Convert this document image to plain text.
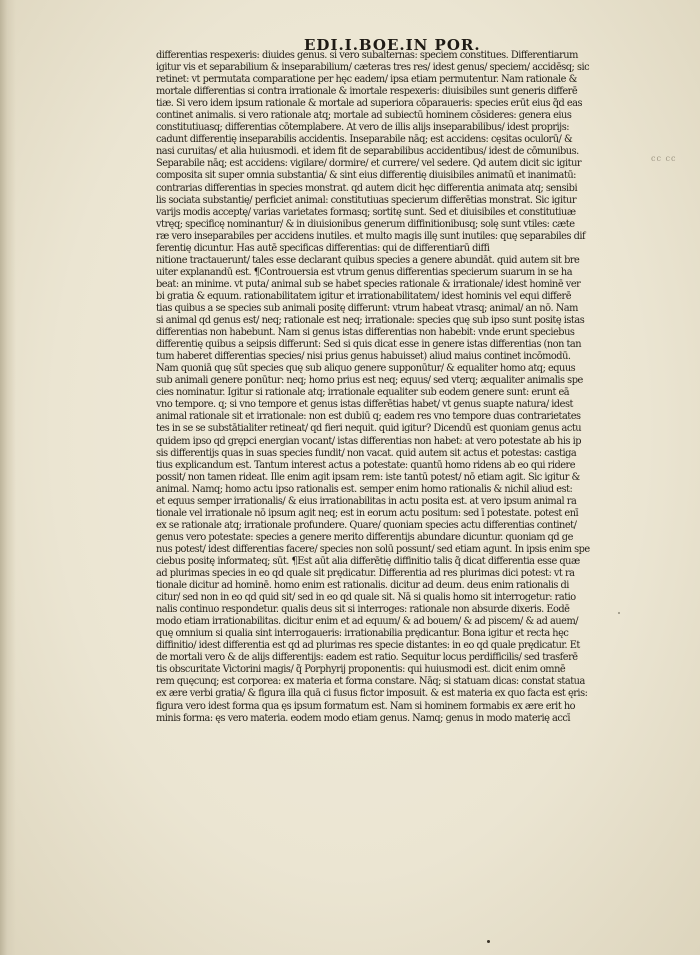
EDI.I.BOE.IN POR.
differentias respexeris: diuides genus. si vero subalternas: speciem constitues. Differentiarum
igitur vis et separabilium & inseparabilium/ cæteras tres res/ idest genus/ speciem/ accidēsq; sic
retinet: vt permutata comparatione per hęc eadem/ ipsa etiam permutentur. Nam rationale &
mortale differentias si contra irrationale & imortale respexeris: diuisibiles sunt generis differē
tiæ. Si vero idem ipsum rationale & mortale ad superiora cōparaueris: species erūt eius q̃d eas
continet animalis. si vero rationale atq; mortale ad subiectū hominem cōsideres: genera eius
constitutiuasq; differentias cōtemplabere. At vero de illis alijs inseparabilibus/ idest proprijs:
cadunt differentię inseparabilis accidentis. Inseparabile nāq; est accidens: cęsitas oculorū/ &
nasi curuitas/ et alia huiusmodi. et idem fit de separabilibus accidentibus/ idest de cōmunibus.
Separabile nāq; est accidens: vigilare/ dormire/ et currere/ vel sedere. Qd autem dicit sic igitur
composita sit super omnia substantia/ & sint eius differentię diuisibiles animatū et inanimatū:
contrarias differentias in species monstrat. qd autem dicit hęc differentia animata atq; sensibi
lis sociata substantię/ perficiet animal: constitutiuas specierum differētias monstrat. Sic igitur
varijs modis acceptę/ varias varietates formasq; sortitę sunt. Sed et diuisibiles et constitutiuæ
vtręq; specificę nominantur/ & in diuisionibus generum diffinitionibusq; solę sunt vtiles: cæte
ræ vero inseparabiles per accidens inutiles. et multo magis illę sunt inutiles: quę separabiles dif
ferentię dicuntur. Has autē specificas differentias: qui de differentiarū diffi
nitione tractauerunt/ tales esse declarant quibus species a genere abundāt. quid autem sit bre
uiter explanandū est. ¶Controuersia est vtrum genus differentias specierum suarum in se ha
beat: an minime. vt puta/ animal sub se habet species rationale & irrationale/ idest hominē ver
bi gratia & equum. rationabilitatem igitur et irrationabilitatem/ idest hominis vel equi differē
tias quibus a se species sub animali positę differunt: vtrum habeat vtrasq; animal/ an nō. Nam
si animal qd genus est/ neq; rationale est neq; irrationale: species quę sub ipso sunt positę istas
differentias non habebunt. Nam si genus istas differentias non habebit: vnde erunt speciebus
differentię quibus a seipsis differunt: Sed si quis dicat esse in genere istas differentias (non tan
tum haberet differentias species/ nisi prius genus habuisset) aliud maius continet incōmodū.
Nam quoniā quę sūt species quę sub aliquo genere supponūtur/ & equaliter homo atq; equus
sub animali genere ponūtur: neq; homo prius est neq; equus/ sed vterq; æqualiter animalis spe
cies nominatur. Igitur si rationale atq; irrationale equaliter sub eodem genere sunt: erunt eā
vno tempore. q; si vno tempore et genus istas differētias habet/ vt genus suapte natura/ idest
animal rationale sit et irrationale: non est dubiū q; eadem res vno tempore duas contrarietates
tes in se se substātialiter retineat/ qd fieri nequit. quid igitur? Dicendū est quoniam genus actu
quidem ipso qd grępci energian vocant/ istas differentias non habet: at vero potestate ab his ip
sis differentijs quas in suas species fundit/ non vacat. quid autem sit actus et potestas: castiga
tius explicandum est. Tantum interest actus a potestate: quantū homo ridens ab eo qui ridere
possit/ non tamen rideat. Ille enim agit ipsam rem: iste tantū potest/ nō etiam agit. Sic igitur &
animal. Namq; homo actu ipso rationalis est. semper enim homo rationalis & nichil aliud est:
et equus semper irrationalis/ & eius irrationabilitas in actu posita est. at vero ipsum animal ra
tionale vel irrationale nō ipsum agit neq; est in eorum actu positum: sed ī potestate. potest enī
ex se rationale atq; irrationale profundere. Quare/ quoniam species actu differentias continet/
genus vero potestate: species a genere merito differentijs abundare dicuntur. quoniam qd ge
nus potest/ idest differentias facere/ species non solū possunt/ sed etiam agunt. In ipsis enim spe
ciebus positę informateq; sūt. ¶Est aūt alia differētię diffinitio talis q̃ dicat differentia esse quæ
ad plurimas species in eo qd quale sit prędicatur. Differentia ad res plurimas dici potest: vt ra
tionale dicitur ad hominē. homo enim est rationalis. dicitur ad deum. deus enim rationalis di
citur/ sed non in eo qd quid sit/ sed in eo qd quale sit. Nā si qualis homo sit interrogetur: ratio
nalis continuo respondetur. qualis deus sit si interroges: rationale non absurde dixeris. Eodē
modo etiam irrationabilitas. dicitur enim et ad equum/ & ad bouem/ & ad piscem/ & ad auem/
quę omnium si qualia sint interrogaueris: irrationabilia prędicantur. Bona igitur et recta hęc
diffinitio/ idest differentia est qd ad plurimas res specie distantes: in eo qd quale prędicatur. Et
de mortali vero & de alijs differentijs: eadem est ratio. Sequitur locus perdifficilis/ sed trasferē
tis obscuritate Victorini magis/ q̃ Porphyrij proponentis: qui huiusmodi est. dicit enim omnē
rem quęcunq; est corporea: ex materia et forma constare. Nāq; si statuam dicas: constat statua
ex ære verbi gratia/ & figura illa quā ci fusus fictor imposuit. & est materia ex quo facta est ęris:
figura vero idest forma qua ęs ipsum formatum est. Nam si hominem formabis ex ære erit ho
minis forma: ęs vero materia. eodem modo etiam genus. Namq; genus in modo materię accī
cc cc
